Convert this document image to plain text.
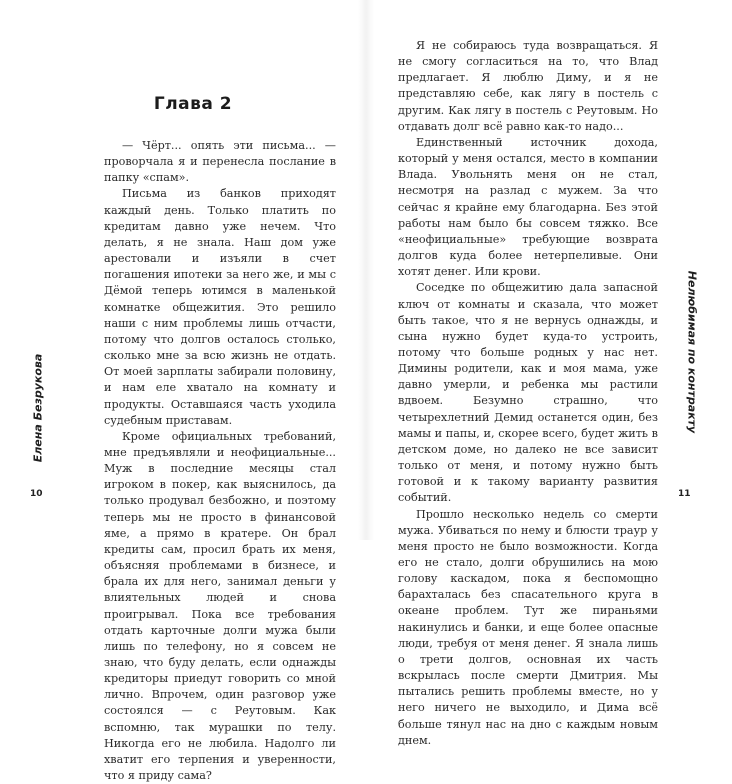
Глава 2

— Чёрт... опять эти письма... — проворчала я и перенесла послание в папку «спам».

Письма из банков приходят каждый день. Только платить по кредитам давно уже нечем. Что делать, я не знала. Наш дом уже арестовали и изъяли в счет погашения ипотеки за него же, и мы с Дёмой теперь ютимся в маленькой комнатке общежития. Это решило наши с ним проблемы лишь отчасти, потому что долгов осталось столько, сколько мне за всю жизнь не отдать. От моей зарплаты забирали половину, и нам еле хватало на комнату и продукты. Оставшаяся часть уходила судебным приставам.

Кроме официальных требований, мне предъявляли и неофициальные... Муж в последние месяцы стал игроком в покер, как выяснилось, да только продувал безбожно, и поэтому теперь мы не просто в финансовой яме, а прямо в кратере. Он брал кредиты сам, просил брать их меня, объясняя проблемами в бизнесе, и брала их для него, занимал деньги у влиятельных людей и снова проигрывал. Пока все требования отдать карточные долги мужа были лишь по телефону, но я совсем не знаю, что буду делать, если однажды кредиторы приедут говорить со мной лично. Впрочем, один разговор уже состоялся — с Реутовым. Как вспомню, так мурашки по телу. Никогда его не любила. Надолго ли хватит его терпения и уверенности, что я приду сама?

Елена Безрукова
10

Я не собираюсь туда возвращаться. Я не смогу согласиться на то, что Влад предлагает. Я люблю Диму, и я не представляю себе, как лягу в постель с другим. Как лягу в постель с Реутовым. Но отдавать долг всё равно как-то надо...

Единственный источник дохода, который у меня остался, место в компании Влада. Увольнять меня он не стал, несмотря на разлад с мужем. За что сейчас я крайне ему благодарна. Без этой работы нам было бы совсем тяжко. Все «неофициальные» требующие возврата долгов куда более нетерпеливые. Они хотят денег. Или крови.

Соседке по общежитию дала запасной ключ от комнаты и сказала, что может быть такое, что я не вернусь однажды, и сына нужно будет куда-то устроить, потому что больше родных у нас нет. Димины родители, как и моя мама, уже давно умерли, и ребенка мы растили вдвоем. Безумно страшно, что четырехлетний Демид останется один, без мамы и папы, и, скорее всего, будет жить в детском доме, но далеко не все зависит только от меня, и потому нужно быть готовой и к такому варианту развития событий.

Прошло несколько недель со смерти мужа. Убиваться по нему и блюсти траур у меня просто не было возможности. Когда его не стало, долги обрушились на мою голову каскадом, пока я беспомощно барахталась без спасательного круга в океане проблем. Тут же пираньями накинулись и банки, и еще более опасные люди, требуя от меня денег. Я знала лишь о трети долгов, основная их часть вскрылась после смерти Дмитрия. Мы пытались решить проблемы вместе, но у него ничего не выходило, и Дима всё больше тянул нас на дно с каждым новым днем.

Нелюбимая по контракту
11
